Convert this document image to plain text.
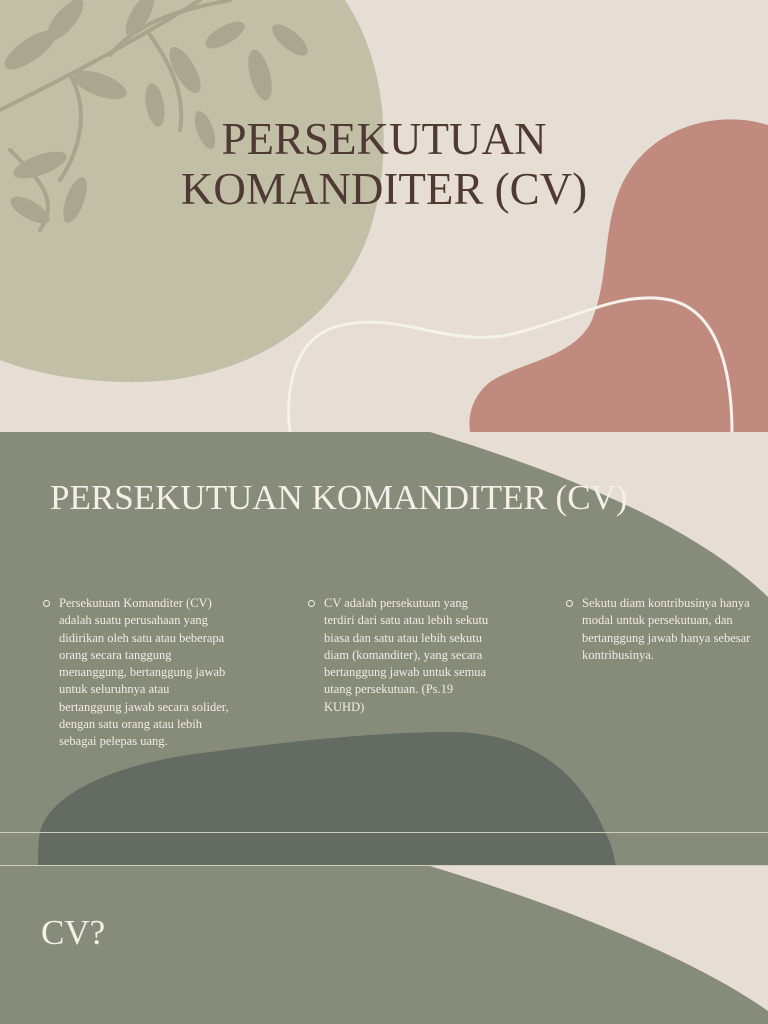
PERSEKUTUAN
KOMANDITER (CV)
PERSEKUTUAN KOMANDITER (CV)
Persekutuan Komanditer (CV) adalah suatu perusahaan yang didirikan oleh satu atau beberapa orang secara tanggung menanggung, bertanggung jawab untuk seluruhnya atau bertanggung jawab secara solider, dengan satu orang atau lebih sebagai pelepas uang.
CV adalah persekutuan yang terdiri dari satu atau lebih sekutu biasa dan satu atau lebih sekutu diam (komanditer), yang secara bertanggung jawab untuk semua utang persekutuan. (Ps.19 KUHD)
Sekutu diam kontribusinya hanya modal untuk persekutuan, dan bertanggung jawab hanya sebesar kontribusinya.
CV?
